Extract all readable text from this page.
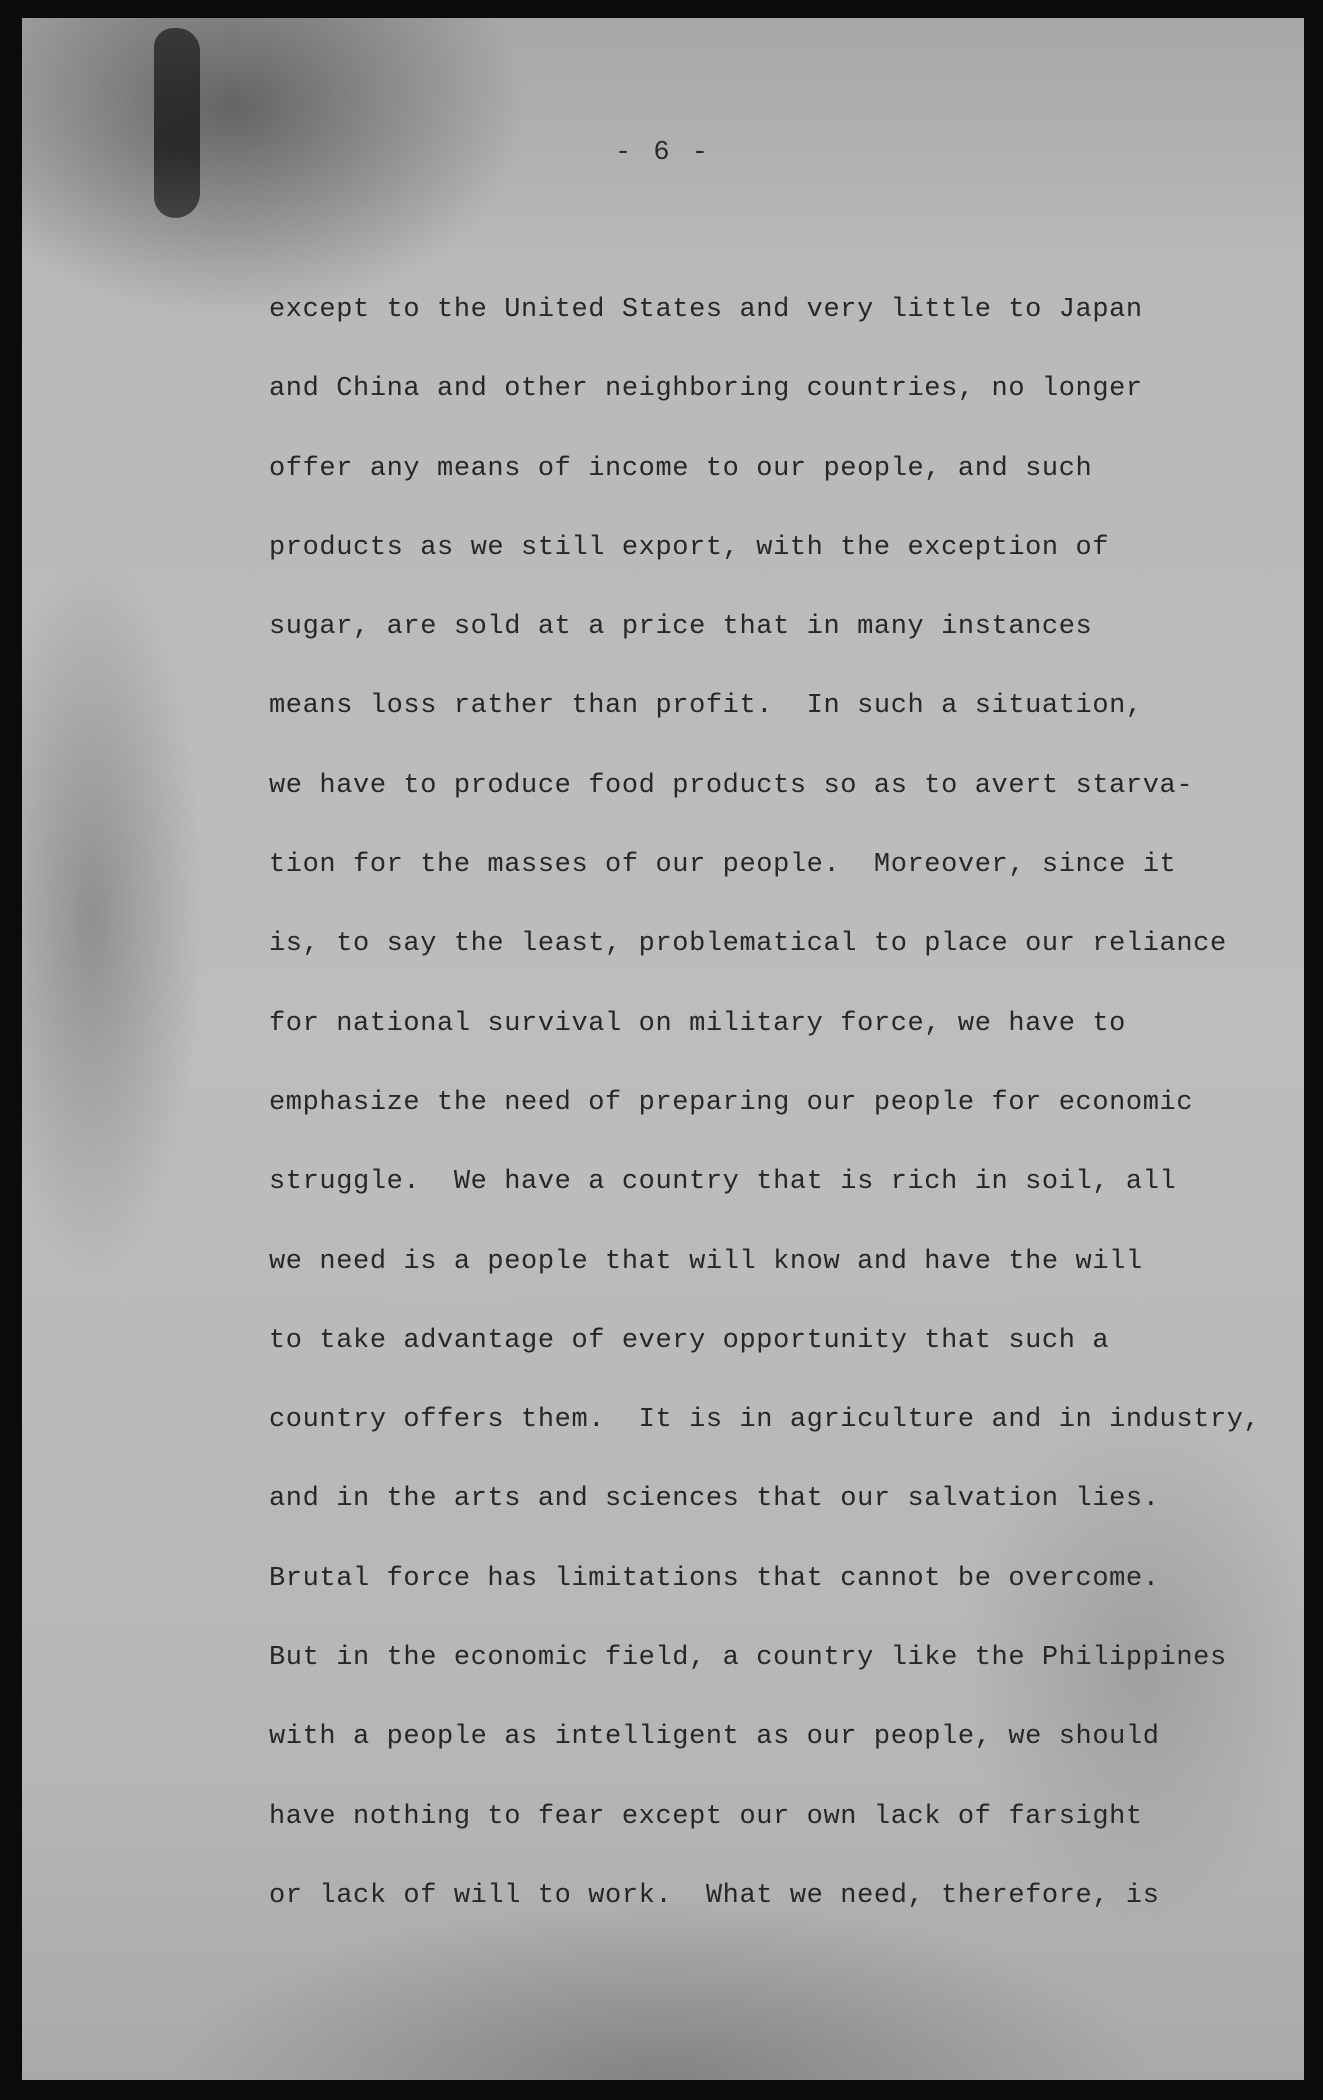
- 6 -
except to the United States and very little to Japan
and China and other neighboring countries, no longer
offer any means of income to our people, and such
products as we still export, with the exception of
sugar, are sold at a price that in many instances
means loss rather than profit.  In such a situation,
we have to produce food products so as to avert starva-
tion for the masses of our people.  Moreover, since it
is, to say the least, problematical to place our reliance
for national survival on military force, we have to
emphasize the need of preparing our people for economic
struggle.  We have a country that is rich in soil, all
we need is a people that will know and have the will
to take advantage of every opportunity that such a
country offers them.  It is in agriculture and in industry,
and in the arts and sciences that our salvation lies.
Brutal force has limitations that cannot be overcome.
But in the economic field, a country like the Philippines
with a people as intelligent as our people, we should
have nothing to fear except our own lack of farsight
or lack of will to work.  What we need, therefore, is
